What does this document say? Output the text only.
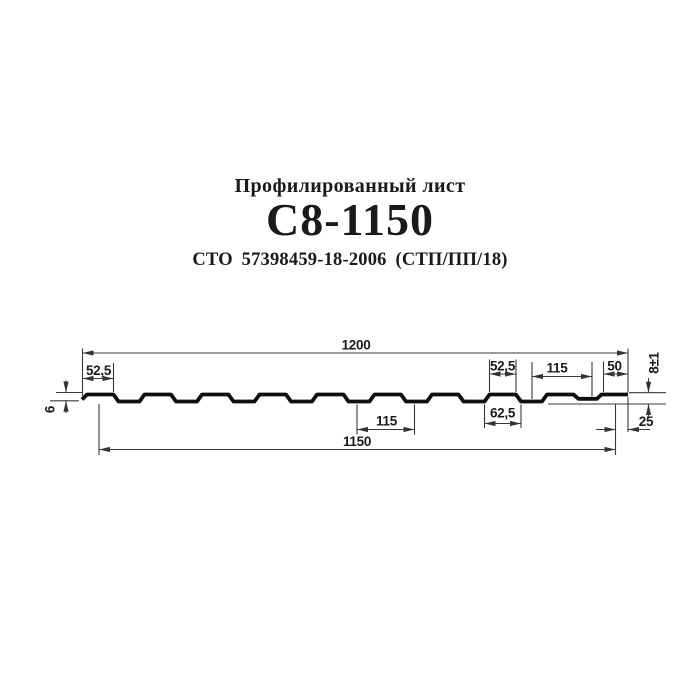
Профилированный лист
С8-1150
СТО 57398459-18-2006 (СТП/ПП/18)
1200
52,5
6
115
62,5
52,5 115	50 8±1
25
1150
